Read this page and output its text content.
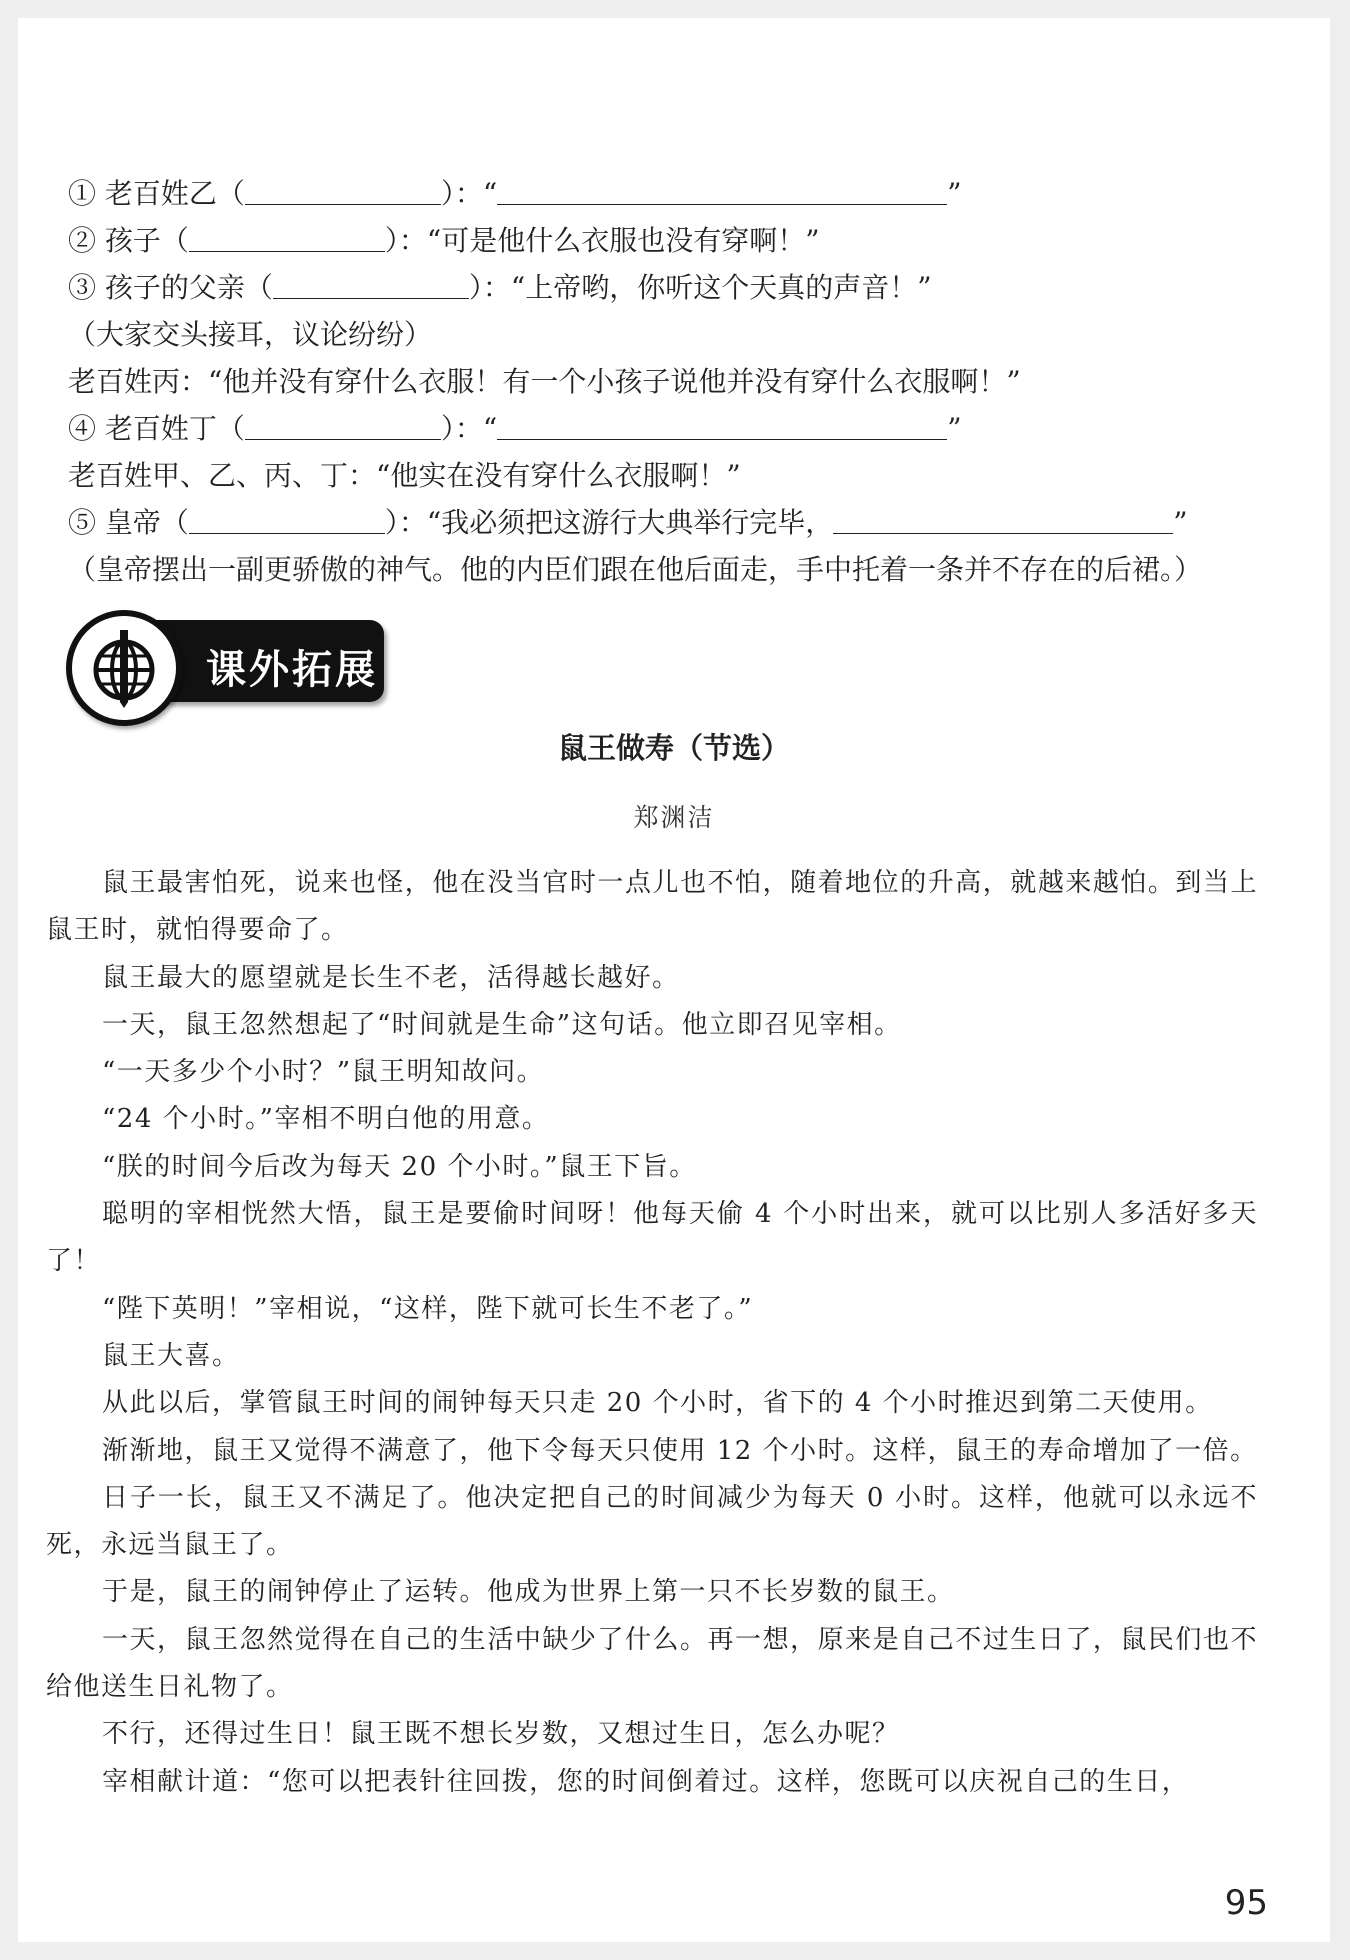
① 老百姓乙（	）：“	”
② 孩子（	）：“可是他什么衣服也没有穿啊！”
③ 孩子的父亲（	）：“上帝哟，你听这个天真的声音！”
（大家交头接耳，议论纷纷）
老百姓丙：“他并没有穿什么衣服！有一个小孩子说他并没有穿什么衣服啊！”
④ 老百姓丁（	）：“	”
老百姓甲、乙、丙、丁：“他实在没有穿什么衣服啊！”
⑤ 皇帝（	）：“我必须把这游行大典举行完毕，	”
（皇帝摆出一副更骄傲的神气。他的内臣们跟在他后面走，手中托着一条并不存在的后裙。）
课外拓展
鼠王做寿（节选）
郑渊洁

鼠王最害怕死，说来也怪，他在没当官时一点儿也不怕，随着地位的升高，就越来越怕。到当上鼠王时，就怕得要命了。

鼠王最大的愿望就是长生不老，活得越长越好。

一天，鼠王忽然想起了“时间就是生命”这句话。他立即召见宰相。

“一天多少个小时？”鼠王明知故问。

“24 个小时。”宰相不明白他的用意。

“朕的时间今后改为每天 20 个小时。”鼠王下旨。

聪明的宰相恍然大悟，鼠王是要偷时间呀！他每天偷 4 个小时出来，就可以比别人多活好多天了！

“陛下英明！”宰相说，“这样，陛下就可长生不老了。”

鼠王大喜。

从此以后，掌管鼠王时间的闹钟每天只走 20 个小时，省下的 4 个小时推迟到第二天使用。

渐渐地，鼠王又觉得不满意了，他下令每天只使用 12 个小时。这样，鼠王的寿命增加了一倍。

日子一长，鼠王又不满足了。他决定把自己的时间减少为每天 0 小时。这样，他就可以永远不死，永远当鼠王了。

于是，鼠王的闹钟停止了运转。他成为世界上第一只不长岁数的鼠王。

一天，鼠王忽然觉得在自己的生活中缺少了什么。再一想，原来是自己不过生日了，鼠民们也不给他送生日礼物了。

不行，还得过生日！鼠王既不想长岁数，又想过生日，怎么办呢？

宰相献计道：“您可以把表针往回拨，您的时间倒着过。这样，您既可以庆祝自己的生日，

95
